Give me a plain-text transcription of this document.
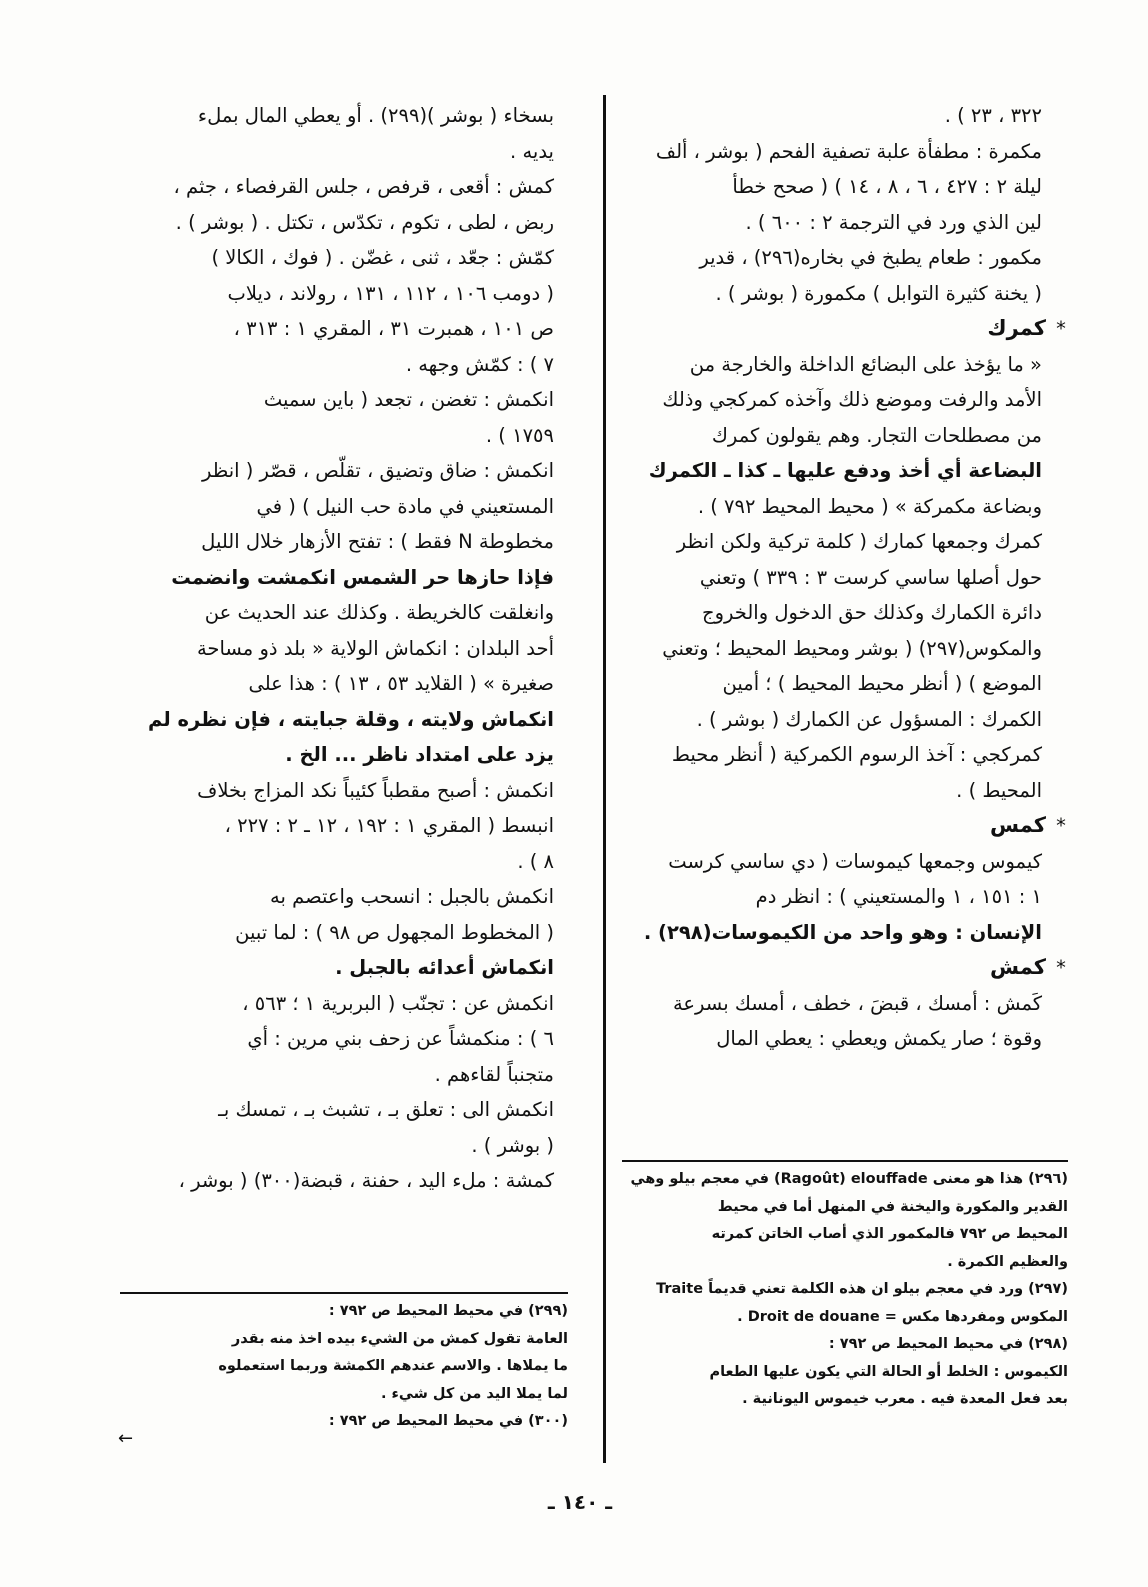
٣٢٢ ، ٢٣ ) .

مكمرة : مطفأة علبة تصفية الفحم ( بوشر ، ألف

ليلة ٢ : ٤٢٧ ، ٦ ، ٨ ، ١٤ ) ( صحح خطأ

لين الذي ورد في الترجمة ٢ : ٦٠٠ ) .

مكمور : طعام يطبخ في بخاره(٢٩٦) ، قدير

( يخنة كثيرة التوابل ) مكمورة ( بوشر ) .

*كمرك

« ما يؤخذ على البضائع الداخلة والخارجة من

الأمد والرفت وموضع ذلك وآخذه كمركجي وذلك

من مصطلحات التجار. وهم يقولون كمرك

البضاعة أي أخذ ودفع عليها ـ كذا ـ الكمرك

وبضاعة مكمركة » ( محيط المحيط ٧٩٢ ) .

كمرك وجمعها كمارك ( كلمة تركية ولكن انظر

حول أصلها ساسي كرست ٣ : ٣٣٩ ) وتعني

دائرة الكمارك وكذلك حق الدخول والخروج

والمكوس(٢٩٧) ( بوشر ومحيط المحيط ؛ وتعني

الموضع ) ( أنظر محيط المحيط ) ؛ أمين

الكمرك : المسؤول عن الكمارك ( بوشر ) .

كمركجي : آخذ الرسوم الكمركية ( أنظر محيط

المحيط ) .

*كمس

كيموس وجمعها كيموسات ( دي ساسي كرست

١ : ١٥١ ، ١ والمستعيني ) : انظر دم

الإنسان : وهو واحد من الكيموسات(٢٩٨) .

*كمش

كَمش : أمسك ، قبضَ ، خطف ، أمسك بسرعة

وقوة ؛ صار يكمش ويعطي : يعطي المال

بسخاء ( بوشر )(٢٩٩) . أو يعطي المال بملء

يديه .

كمش : أقعى ، قرفص ، جلس القرفصاء ، جثم ،

ربض ، لطى ، تكوم ، تكدّس ، تكتل . ( بوشر ) .

كمّش : جعّد ، ثنى ، غضّن . ( فوك ، الكالا )

( دومب ١٠٦ ، ١١٢ ، ١٣١ ، رولاند ، ديلاب

ص ١٠١ ، همبرت ٣١ ، المقري ١ : ٣١٣ ،

٧ ) : كمّش وجهه .

انكمش : تغضن ، تجعد ( باين سميث

١٧٥٩ ) .

انكمش : ضاق وتضيق ، تقلّص ، قصّر ( انظر

المستعيني في مادة حب النيل ) ( في

مخطوطة N فقط ) : تفتح الأزهار خلال الليل

فإذا حازها حر الشمس انكمشت وانضمت

وانغلقت كالخريطة . وكذلك عند الحديث عن

أحد البلدان : انكماش الولاية « بلد ذو مساحة

صغيرة » ( القلايد ٥٣ ، ١٣ ) : هذا على

انكماش ولايته ، وقلة جبايته ، فإن نظره لم

يزد على امتداد ناظر ... الخ .

انكمش : أصبح مقطباً كئيباً نكد المزاج بخلاف

انبسط ( المقري ١ : ١٩٢ ، ١٢ ـ ٢ : ٢٢٧ ،

٨ ) .

انكمش بالجبل : انسحب واعتصم به

( المخطوط المجهول ص ٩٨ ) : لما تبين

انكماش أعدائه بالجبل .

انكمش عن : تجنّب ( البربرية ١ ؛ ٥٦٣ ،

٦ ) : منكمشاً عن زحف بني مرين : أي

متجنباً لقاءهم .

انكمش الى : تعلق بـ ، تشبث بـ ، تمسك بـ

( بوشر ) .

كمشة : ملء اليد ، حفنة ، قبضة(٣٠٠) ( بوشر ،	(٢٩٦) هذا هو معنى Ragoût) elouffade) في معجم بيلو وهي

القدير والمكورة واليخنة في المنهل أما في محيط

المحيط ص ٧٩٢ فالمكمور الذي أصاب الخاتن كمرته

والعظيم الكمرة .

(٢٩٧) ورد في معجم بيلو ان هذه الكلمة تعني قديماً Traite

المكوس ومفردها مكس = Droit de douane .

(٢٩٨) في محيط المحيط ص ٧٩٢ :

الكيموس : الخلط أو الحالة التي يكون عليها الطعام

بعد فعل المعدة فيه . معرب خيموس اليونانية .

(٢٩٩) في محيط المحيط ص ٧٩٢ :

العامة تقول كمش من الشيء بيده اخذ منه بقدر

ما يملاها . والاسم عندهم الكمشة وربما استعملوه

لما يملا اليد من كل شيء .

(٣٠٠) في محيط المحيط ص ٧٩٢ :

←
ـ ١٤٠ ـ
